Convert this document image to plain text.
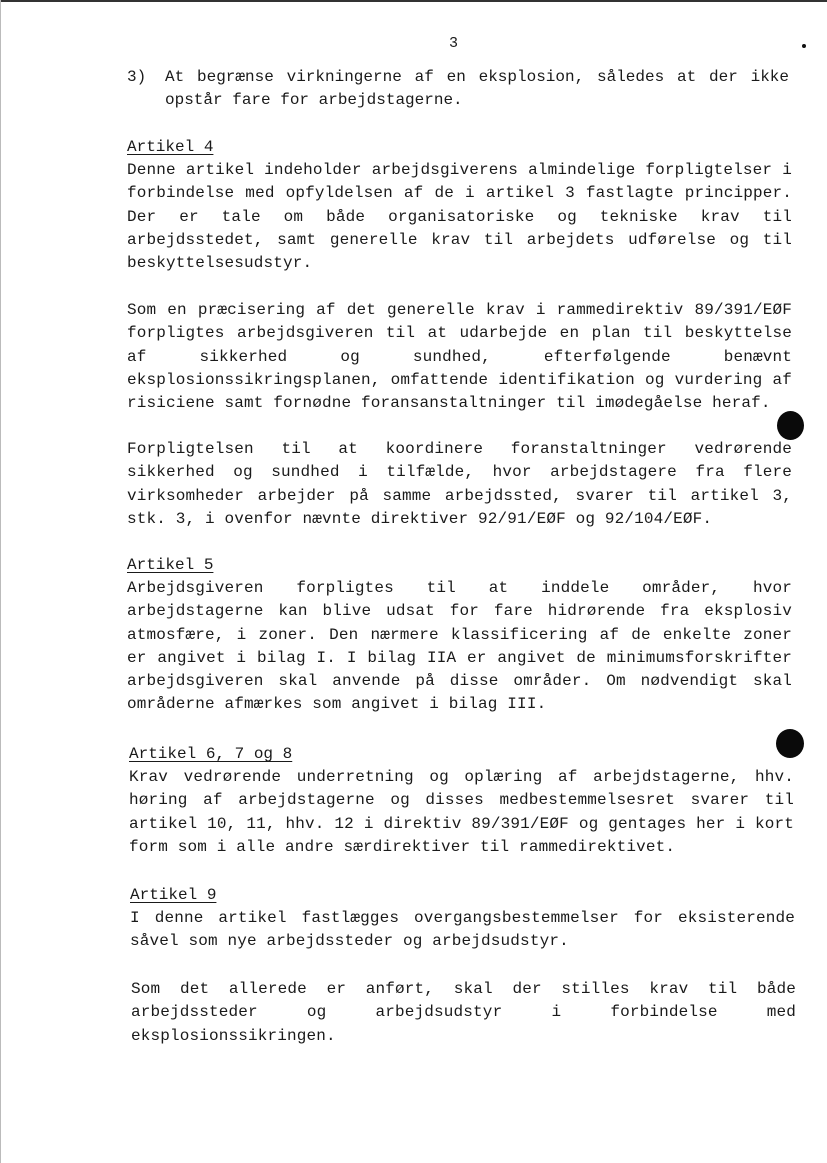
3
3) At begrænse virkningerne af en eksplosion, således at der ikke opstår fare for arbejdstagerne.

Artikel 4

Denne artikel indeholder arbejdsgiverens almindelige forpligtelser i forbindelse med opfyldelsen af de i artikel 3 fastlagte principper. Der er tale om både organisatoriske og tekniske krav til arbejdsstedet, samt generelle krav til arbejdets udførelse og til beskyttelsesudstyr.

Som en præcisering af det generelle krav i rammedirektiv 89/391/EØF forpligtes arbejdsgiveren til at udarbejde en plan til beskyttelse af sikkerhed og sundhed, efterfølgende benævnt eksplosionssikringsplanen, omfattende identifikation og vurdering af risiciene samt fornødne foransanstaltninger til imødegåelse heraf.

Forpligtelsen til at koordinere foranstaltninger vedrørende sikkerhed og sundhed i tilfælde, hvor arbejdstagere fra flere virksomheder arbejder på samme arbejdssted, svarer til artikel 3, stk. 3, i ovenfor nævnte direktiver 92/91/EØF og 92/104/EØF.

Artikel 5

Arbejdsgiveren forpligtes til at inddele områder, hvor arbejdstagerne kan blive udsat for fare hidrørende fra eksplosiv atmosfære, i zoner. Den nærmere klassificering af de enkelte zoner er angivet i bilag I. I bilag IIA er angivet de minimumsforskrifter arbejdsgiveren skal anvende på disse områder. Om nødvendigt skal områderne afmærkes som angivet i bilag III.

Artikel 6, 7 og 8

Krav vedrørende underretning og oplæring af arbejdstagerne, hhv. høring af arbejdstagerne og disses medbestemmelsesret svarer til artikel 10, 11, hhv. 12 i direktiv 89/391/EØF og gentages her i kort form som i alle andre særdirektiver til rammedirektivet.

Artikel 9

I denne artikel fastlægges overgangsbestemmelser for eksisterende såvel som nye arbejdssteder og arbejdsudstyr.

Som det allerede er anført, skal der stilles krav til både arbejdssteder og arbejdsudstyr i forbindelse med eksplosionssikringen.
